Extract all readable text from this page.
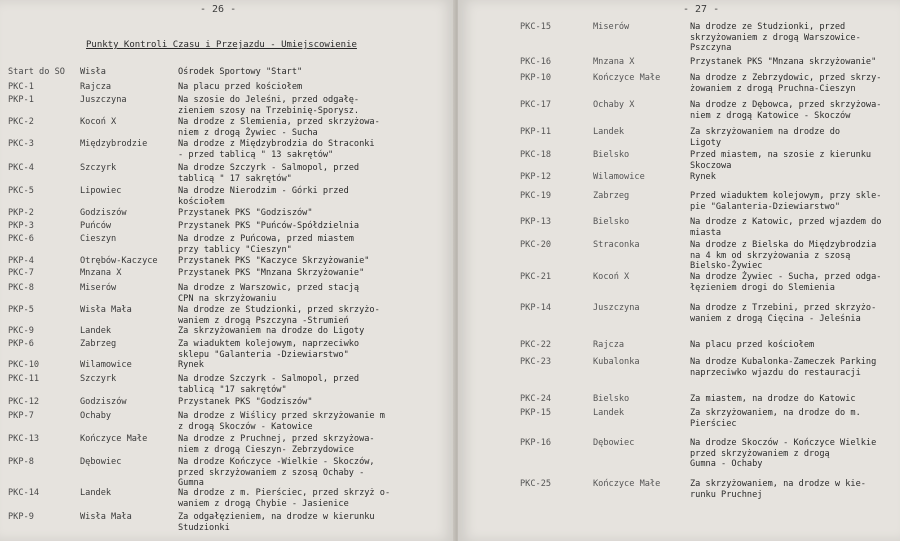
- 26 -
Punkty Kontroli Czasu i Przejazdu - Umiejscowienie
Start do SO	Wisła	Ośrodek Sportowy "Start"
PKC-1	Rajcza	Na placu przed kościołem
PKP-1	Juszczyna	Na szosie do Jeleśni, przed odgałę-
zieniem szosy na Trzebinię-Sporysz.
PKC-2	Kocoń X	Na drodze z Slemienia, przed skrzyżowa-
niem z drogą Żywiec - Sucha
PKC-3	Międzybrodzie	Na drodze z Międzybrodzia do Straconki
- przed tablicą " 13 sakrętów"
PKC-4	Szczyrk	Na drodze Szczyrk - Salmopol, przed
tablicą " 17 sakrętów"
PKC-5	Lipowiec	Na drodze Nierodzim - Górki przed
kościołem
PKP-2	Godziszów	Przystanek PKS "Godziszów"
PKP-3	Puńców	Przystanek PKS "Puńców-Spółdzielnia
PKC-6	Cieszyn	Na drodze z Puńcowa, przed miastem
przy tablicy "Cieszyn"
PKP-4	Otrębów-Kaczyce	Przystanek PKS "Kaczyce Skrzyżowanie"
PKC-7	Mnzana X	Przystanek PKS "Mnzana Skrzyżowanie"
PKC-8	Miserów	Na drodze z Warszowic, przed stacją
CPN na skrzyżowaniu
PKP-5	Wisła Mała	Na drodze ze Studzionki, przed skrzyżo-
waniem z drogą Pszczyna -Strumień
PKC-9	Landek	Za skrzyżowaniem na drodze do Ligoty
PKP-6	Zabrzeg	Za wiaduktem kolejowym, naprzeciwko
sklepu "Galanteria -Dziewiarstwo"
PKC-10	Wilamowice	Rynek
PKC-11	Szczyrk	Na drodze Szczyrk - Salmopol, przed
tablicą "17 sakrętów"
PKC-12	Godziszów	Przystanek PKS "Godziszów"
PKP-7	Ochaby	Na drodze z Wiślicy przed skrzyżowanie m
z drogą Skoczów - Katowice
PKC-13	Kończyce Małe	Na drodze z Pruchnej, przed skrzyżowa-
niem z drogą Cieszyn- Zebrzydowice
PKP-8	Dębowiec	Na drodze Kończyce -Wielkie - Skoczów,
przed skrzyżowaniem z szosą Ochaby -
Gumna
PKC-14	Landek	Na drodze z m. Pierściec, przed skrzyż o-
waniem z drogą Chybie - Jasienice
PKP-9	Wisła Mała	Za odgałęzieniem, na drodze w kierunku
Studzionki
- 27 -
PKC-15	Miserów	Na drodze ze Studzionki, przed
skrzyżowaniem z drogą Warszowice-
Pszczyna
PKC-16	Mnzana X	Przystanek PKS "Mnzana skrzyżowanie"
PKP-10	Kończyce Małe	Na drodze z Zebrzydowic, przed skrzy-
żowaniem z drogą Pruchna-Cieszyn
PKC-17	Ochaby X	Na drodze z Dębowca, przed skrzyżowa-
niem z drogą Katowice - Skoczów
PKP-11	Landek	Za skrzyżowaniem na drodze do
Ligoty
PKC-18	Bielsko	Przed miastem, na szosie z kierunku
Skoczowa
PKP-12	Wilamowice	Rynek
PKC-19	Zabrzeg	Przed wiaduktem kolejowym, przy skle-
pie "Galanteria-Dziewiarstwo"
PKP-13	Bielsko	Na drodze z Katowic, przed wjazdem do
miasta
PKC-20	Straconka	Na drodze z Bielska do Międzybrodzia
na 4 km od skrzyżowania z szosą
Bielsko-Żywiec
PKC-21	Kocoń X	Na drodze Żywiec - Sucha, przed odga-
łęzieniem drogi do Slemienia
PKP-14	Juszczyna	Na drodze z Trzebini, przed skrzyżo-
waniem z drogą Cięcina - Jeleśnia
PKC-22	Rajcza	Na placu przed kościołem
PKC-23	Kubalonka	Na drodze Kubalonka-Zameczek Parking
naprzeciwko wjazdu do restauracji
PKC-24	Bielsko	Za miastem, na drodze do Katowic
PKP-15	Landek	Za skrzyżowaniem, na drodze do m.
Pierściec
PKP-16	Dębowiec	Na drodze Skoczów - Kończyce Wielkie
przed skrzyżowaniem z drogą
Gumna - Ochaby
PKC-25	Kończyce Małe	Za skrzyżowaniem, na drodze w kie-
runku Pruchnej
